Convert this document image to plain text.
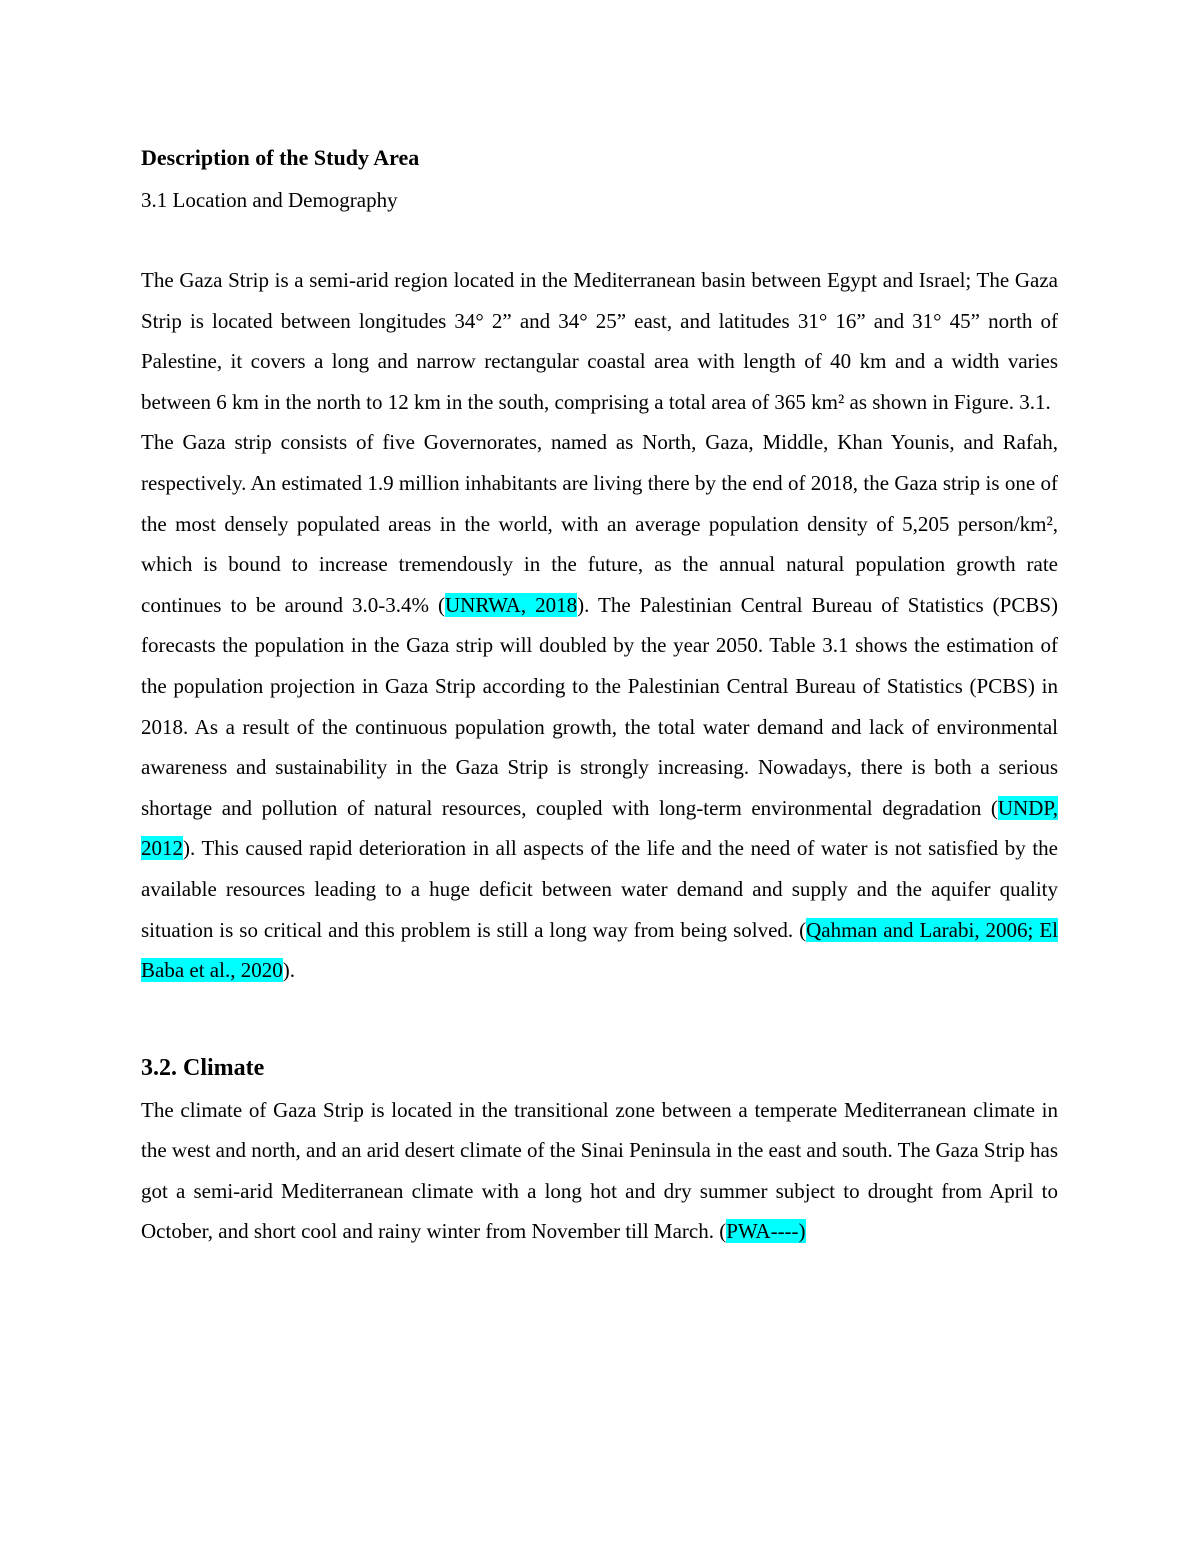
Description of the Study Area

3.1 Location and Demography

The Gaza Strip is a semi-arid region located in the Mediterranean basin between Egypt and Israel; The Gaza Strip is located between longitudes 34° 2” and 34° 25” east, and latitudes 31° 16” and 31° 45” north of Palestine, it covers a long and narrow rectangular coastal area with length of 40 km and a width varies between 6 km in the north to 12 km in the south, comprising a total area of 365 km² as shown in Figure. 3.1.

The Gaza strip consists of five Governorates, named as North, Gaza, Middle, Khan Younis, and Rafah, respectively. An estimated 1.9 million inhabitants are living there by the end of 2018, the Gaza strip is one of the most densely populated areas in the world, with an average population density of 5,205 person/km², which is bound to increase tremendously in the future, as the annual natural population growth rate continues to be around 3.0-3.4% (UNRWA, 2018). The Palestinian Central Bureau of Statistics (PCBS) forecasts the population in the Gaza strip will doubled by the year 2050. Table 3.1 shows the estimation of the population projection in Gaza Strip according to the Palestinian Central Bureau of Statistics (PCBS) in 2018. As a result of the continuous population growth, the total water demand and lack of environmental awareness and sustainability in the Gaza Strip is strongly increasing. Nowadays, there is both a serious shortage and pollution of natural resources, coupled with long-term environmental degradation (UNDP, 2012). This caused rapid deterioration in all aspects of the life and the need of water is not satisfied by the available resources leading to a huge deficit between water demand and supply and the aquifer quality situation is so critical and this problem is still a long way from being solved. (Qahman and Larabi, 2006; El Baba et al., 2020).

3.2. Climate

The climate of Gaza Strip is located in the transitional zone between a temperate Mediterranean climate in the west and north, and an arid desert climate of the Sinai Peninsula in the east and south. The Gaza Strip has got a semi-arid Mediterranean climate with a long hot and dry summer subject to drought from April to October, and short cool and rainy winter from November till March. (PWA----)
